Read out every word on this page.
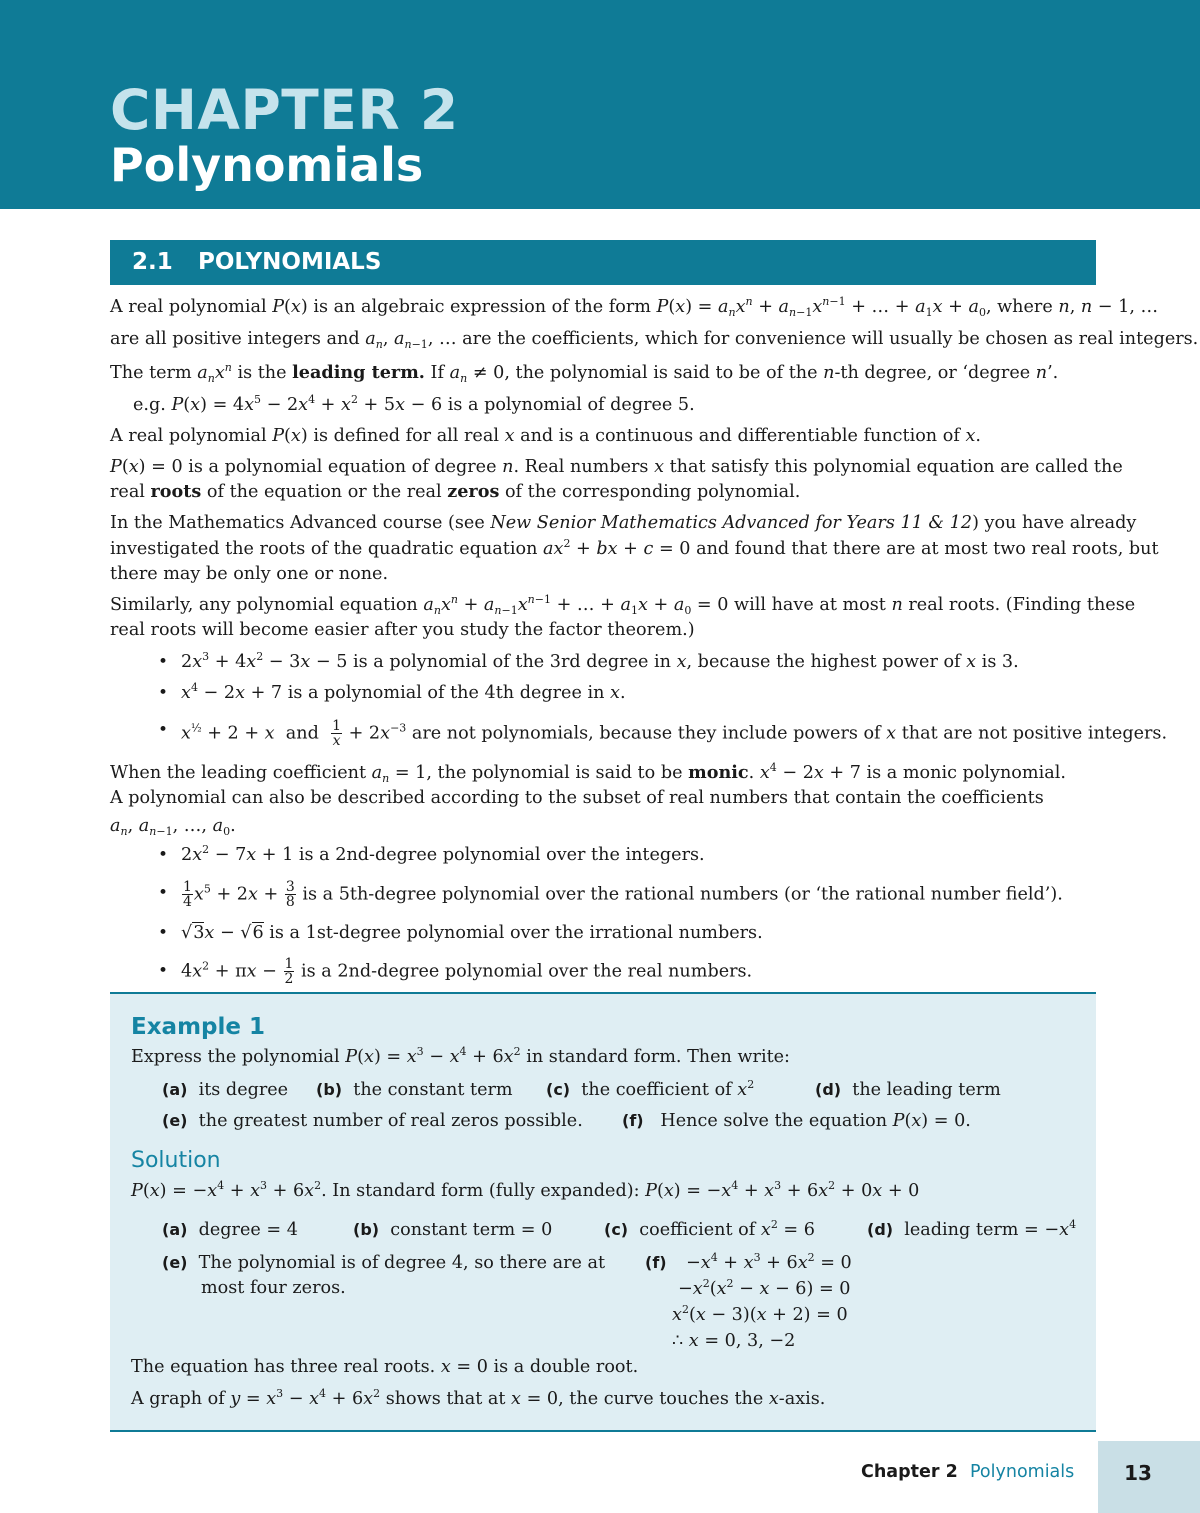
CHAPTER 2
Polynomials
2.1 POLYNOMIALS
A real polynomial P(x) is an algebraic expression of the form $P(x) = a_nx^n + a_{n-1}x^{n-1}$ + … + $a_1x + a_0$, where n, n − 1, …
are all positive integers and $a_n$, $a_{n-1}$, … are the coefficients, which for convenience will usually be chosen as real integers.
The term $a_nx^n$ is the leading term. If $a_n \ne 0$, the polynomial is said to be of the n-th degree, or ‘degree n’.
e.g. $P(x) = 4x^5 - 2x^4 + x^2 + 5x - 6$ is a polynomial of degree 5.
A real polynomial P(x) is defined for all real x and is a continuous and differentiable function of x.
P(x) = 0 is a polynomial equation of degree n. Real numbers x that satisfy this polynomial equation are called the
real roots of the equation or the real zeros of the corresponding polynomial.
In the Mathematics Advanced course (see New Senior Mathematics Advanced for Years 11 & 12) you have already
investigated the roots of the quadratic equation $ax^2$ + bx + c = 0 and found that there are at most two real roots, but
there may be only one or none.
Similarly, any polynomial equation $a_nx^n + a_{n-1}x^{n-1}$ + … + $a_1x + a_0 = 0$ will have at most n real roots. (Finding these
real roots will become easier after you study the factor theorem.)
• $2x^3 + 4x^2 - 3x - 5$ is a polynomial of the 3rd degree in x, because the highest power of x is 3.
• $x^4 - 2x + 7$ is a polynomial of the 4th degree in x.
• $x^{\frac{1}{2}} + 2 + x$ and $\frac{1}{x} + 2x^{-3}$ are not polynomials, because they include powers of x that are not positive integers.
When the leading coefficient $a_n = 1$, the polynomial is said to be monic. $x^4 - 2x + 7$ is a monic polynomial.
A polynomial can also be described according to the subset of real numbers that contain the coefficients
$a_n$, $a_{n-1}$, …, $a_0$.
• $2x^2 - 7x + 1$ is a 2nd-degree polynomial over the integers.
• $\frac{1}{4} x^5 + 2x + \frac{3}{8}$ is a 5th-degree polynomial over the rational numbers (or ‘the rational number field’).
• √3x − √6 is a 1st-degree polynomial over the irrational numbers.
• $4x^2 + \pi x - \frac{1}{2}$ is a 2nd-degree polynomial over the real numbers.
Example 1
Express the polynomial $P(x) = x^3 - x^4 + 6x^2$ in standard form. Then write:
(a) its degree (b) the constant term (c) the coefficient of $x^2$	(d) the leading term
(e) the greatest number of real zeros possible. (f) Hence solve the equation P(x) = 0.
Solution
$P(x) = -x^4 + x^3 + 6x^2$. In standard form (fully expanded): $P(x) = -x^4 + x^3 + 6x^2 + 0x + 0$
(a) degree = 4	(b) constant term = 0	(c) coefficient of $x^2 = 6$	(d) leading term = $-x^4$
(e) The polynomial is of degree 4, so there are at
most four zeros.
$(f) -x^4 + x^3 + 6x^2 = 0$
$-x^2(x^2 - x - 6) = 0$
$x^2(x - 3)(x + 2) = 0$
∴ x = 0, 3, −2
The equation has three real roots. x = 0 is a double root.
A graph of $y = x^3 - x^4 + 6x^2$ shows that at x = 0, the curve touches the x-axis.
Chapter 2 Polynomials	13
